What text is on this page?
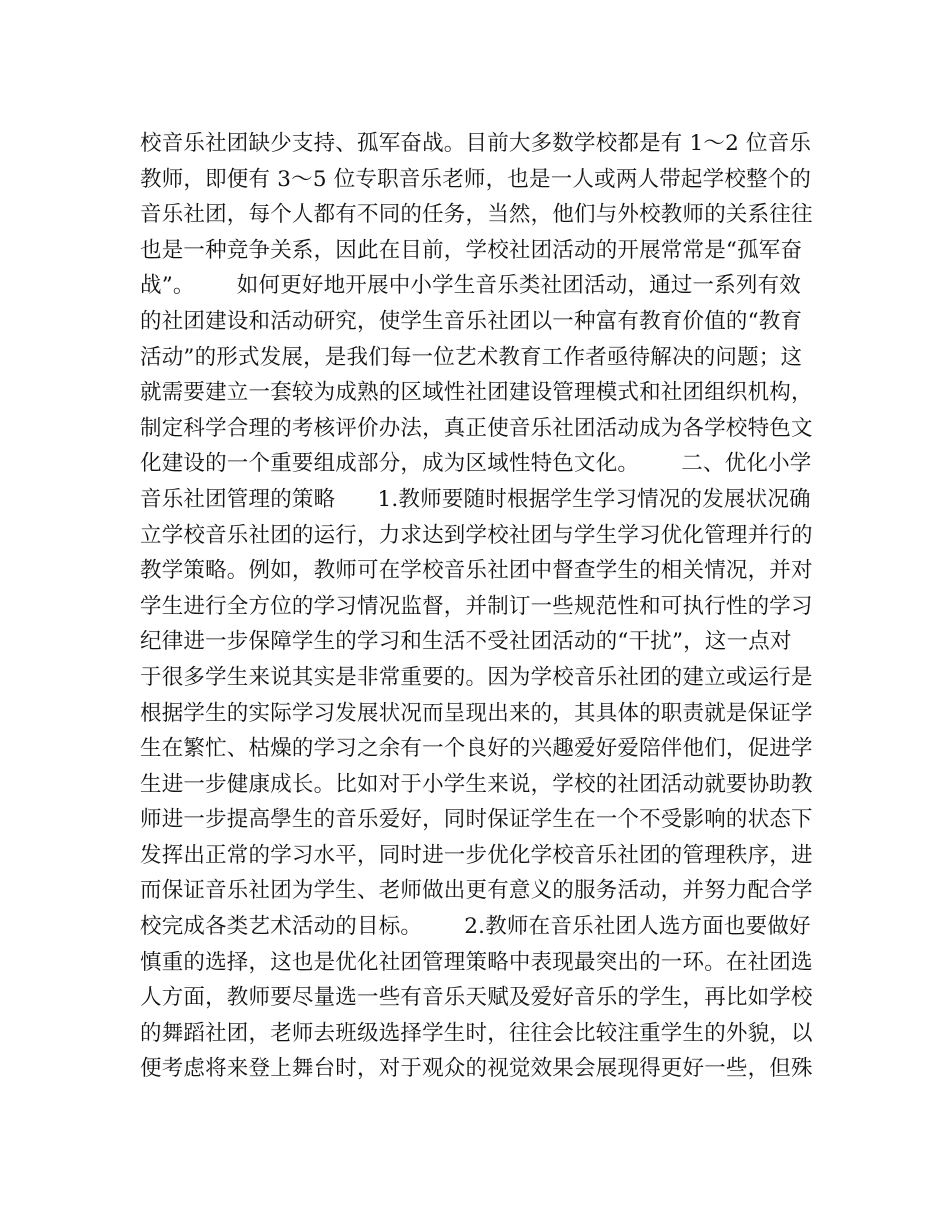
校音乐社团缺少支持、孤军奋战。目前大多数学校都是有 1～2 位音乐
教师，即便有 3～5 位专职音乐老师，也是一人或两人带起学校整个的
音乐社团，每个人都有不同的任务，当然，他们与外校教师的关系往往
也是一种竞争关系，因此在目前，学校社团活动的开展常常是“孤军奋
战”。      如何更好地开展中小学生音乐类社团活动，通过一系列有效
的社团建设和活动研究，使学生音乐社团以一种富有教育价值的“教育
活动”的形式发展，是我们每一位艺术教育工作者亟待解决的问题；这
就需要建立一套较为成熟的区域性社团建设管理模式和社团组织机构，
制定科学合理的考核评价办法，真正使音乐社团活动成为各学校特色文
化建设的一个重要组成部分，成为区域性特色文化。      二、优化小学
音乐社团管理的策略      1.教师要随时根据学生学习情况的发展状况确
立学校音乐社团的运行，力求达到学校社团与学生学习优化管理并行的
教学策略。例如，教师可在学校音乐社团中督查学生的相关情况，并对
学生进行全方位的学习情况监督，并制订一些规范性和可执行性的学习
纪律进一步保障学生的学习和生活不受社团活动的“干扰”，这一点对
于很多学生来说其实是非常重要的。因为学校音乐社团的建立或运行是
根据学生的实际学习发展状况而呈现出来的，其具体的职责就是保证学
生在繁忙、枯燥的学习之余有一个良好的兴趣爱好爱陪伴他们，促进学
生进一步健康成长。比如对于小学生来说，学校的社团活动就要协助教
师进一步提高學生的音乐爱好，同时保证学生在一个不受影响的状态下
发挥出正常的学习水平，同时进一步优化学校音乐社团的管理秩序，进
而保证音乐社团为学生、老师做出更有意义的服务活动，并努力配合学
校完成各类艺术活动的目标。      2.教师在音乐社团人选方面也要做好
慎重的选择，这也是优化社团管理策略中表现最突出的一环。在社团选
人方面，教师要尽量选一些有音乐天赋及爱好音乐的学生，再比如学校
的舞蹈社团，老师去班级选择学生时，往往会比较注重学生的外貌，以
便考虑将来登上舞台时，对于观众的视觉效果会展现得更好一些，但殊
